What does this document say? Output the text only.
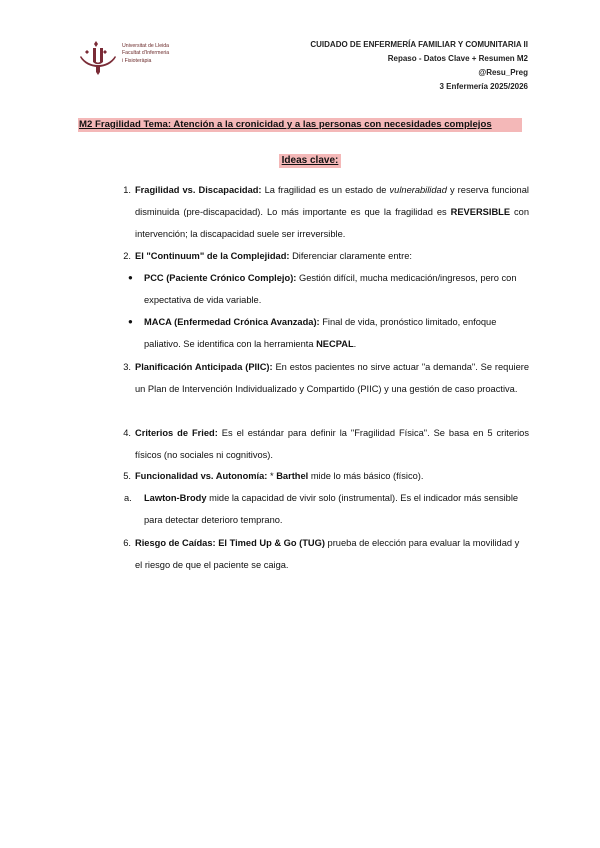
Universitat de Lleida
Facultat d'Infermeria
i Fisioteràpia
CUIDADO DE ENFERMERÍA FAMILIAR Y COMUNITARIA II
Repaso - Datos Clave + Resumen M2
@Resu_Preg
3 Enfermería 2025/2026
M2 Fragilidad Tema: Atención a la cronicidad y a las personas con necesidades complejos
Ideas clave:
1. Fragilidad vs. Discapacidad: La fragilidad es un estado de vulnerabilidad y reserva funcional disminuida (pre-discapacidad). Lo más importante es que la fragilidad es REVERSIBLE con intervención; la discapacidad suele ser irreversible.
2. El "Continuum" de la Complejidad: Diferenciar claramente entre:
● PCC (Paciente Crónico Complejo): Gestión difícil, mucha medicación/ingresos, pero con expectativa de vida variable.
● MACA (Enfermedad Crónica Avanzada): Final de vida, pronóstico limitado, enfoque paliativo. Se identifica con la herramienta NECPAL.
3. Planificación Anticipada (PIIC): En estos pacientes no sirve actuar "a demanda". Se requiere un Plan de Intervención Individualizado y Compartido (PIIC) y una gestión de caso proactiva.
4. Criterios de Fried: Es el estándar para definir la "Fragilidad Física". Se basa en 5 criterios físicos (no sociales ni cognitivos).
5. Funcionalidad vs. Autonomía: * Barthel mide lo más básico (físico).
a. Lawton-Brody mide la capacidad de vivir solo (instrumental). Es el indicador más sensible para detectar deterioro temprano.
6. Riesgo de Caídas: El Timed Up & Go (TUG) prueba de elección para evaluar la movilidad y el riesgo de que el paciente se caiga.
